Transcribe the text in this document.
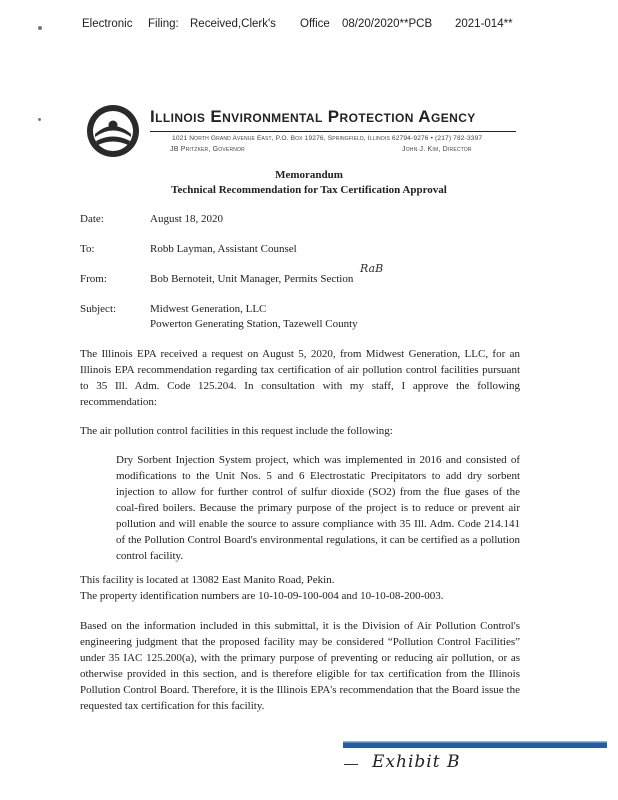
Electronic Filing: Received,Clerk's Office 08/20/2020**PCB 2021-014**
Illinois Environmental Protection Agency
1021 North Grand Avenue East, P.O. Box 19276, Springfield, Illinois 62794-9276 • (217) 782-3397
JB Pritzker, Governor	John J. Kim, Director
Memorandum
Technical Recommendation for Tax Certification Approval
Date:	August 18, 2020
To:	Robb Layman, Assistant Counsel
From:	Bob Bernoteit, Unit Manager, Permits Section
RaB
Subject:	Midwest Generation, LLC
Powerton Generating Station, Tazewell County

The Illinois EPA received a request on August 5, 2020, from Midwest Generation, LLC, for an Illinois EPA recommendation regarding tax certification of air pollution control facilities pursuant to 35 Ill. Adm. Code 125.204. In consultation with my staff, I approve the following recommendation:

The air pollution control facilities in this request include the following:

Dry Sorbent Injection System project, which was implemented in 2016 and consisted of modifications to the Unit Nos. 5 and 6 Electrostatic Precipitators to add dry sorbent injection to allow for further control of sulfur dioxide (SO2) from the flue gases of the coal-fired boilers. Because the primary purpose of the project is to reduce or prevent air pollution and will enable the source to assure compliance with 35 Ill. Adm. Code 214.141 of the Pollution Control Board's environmental regulations, it can be certified as a pollution control facility.

This facility is located at 13082 East Manito Road, Pekin.
The property identification numbers are 10-10-09-100-004 and 10-10-08-200-003.

Based on the information included in this submittal, it is the Division of Air Pollution Control's engineering judgment that the proposed facility may be considered “Pollution Control Facilities” under 35 IAC 125.200(a), with the primary purpose of preventing or reducing air pollution, or as otherwise provided in this section, and is therefore eligible for tax certification from the Illinois Pollution Control Board. Therefore, it is the Illinois EPA's recommendation that the Board issue the requested tax certification for this facility.

Exhibit B
